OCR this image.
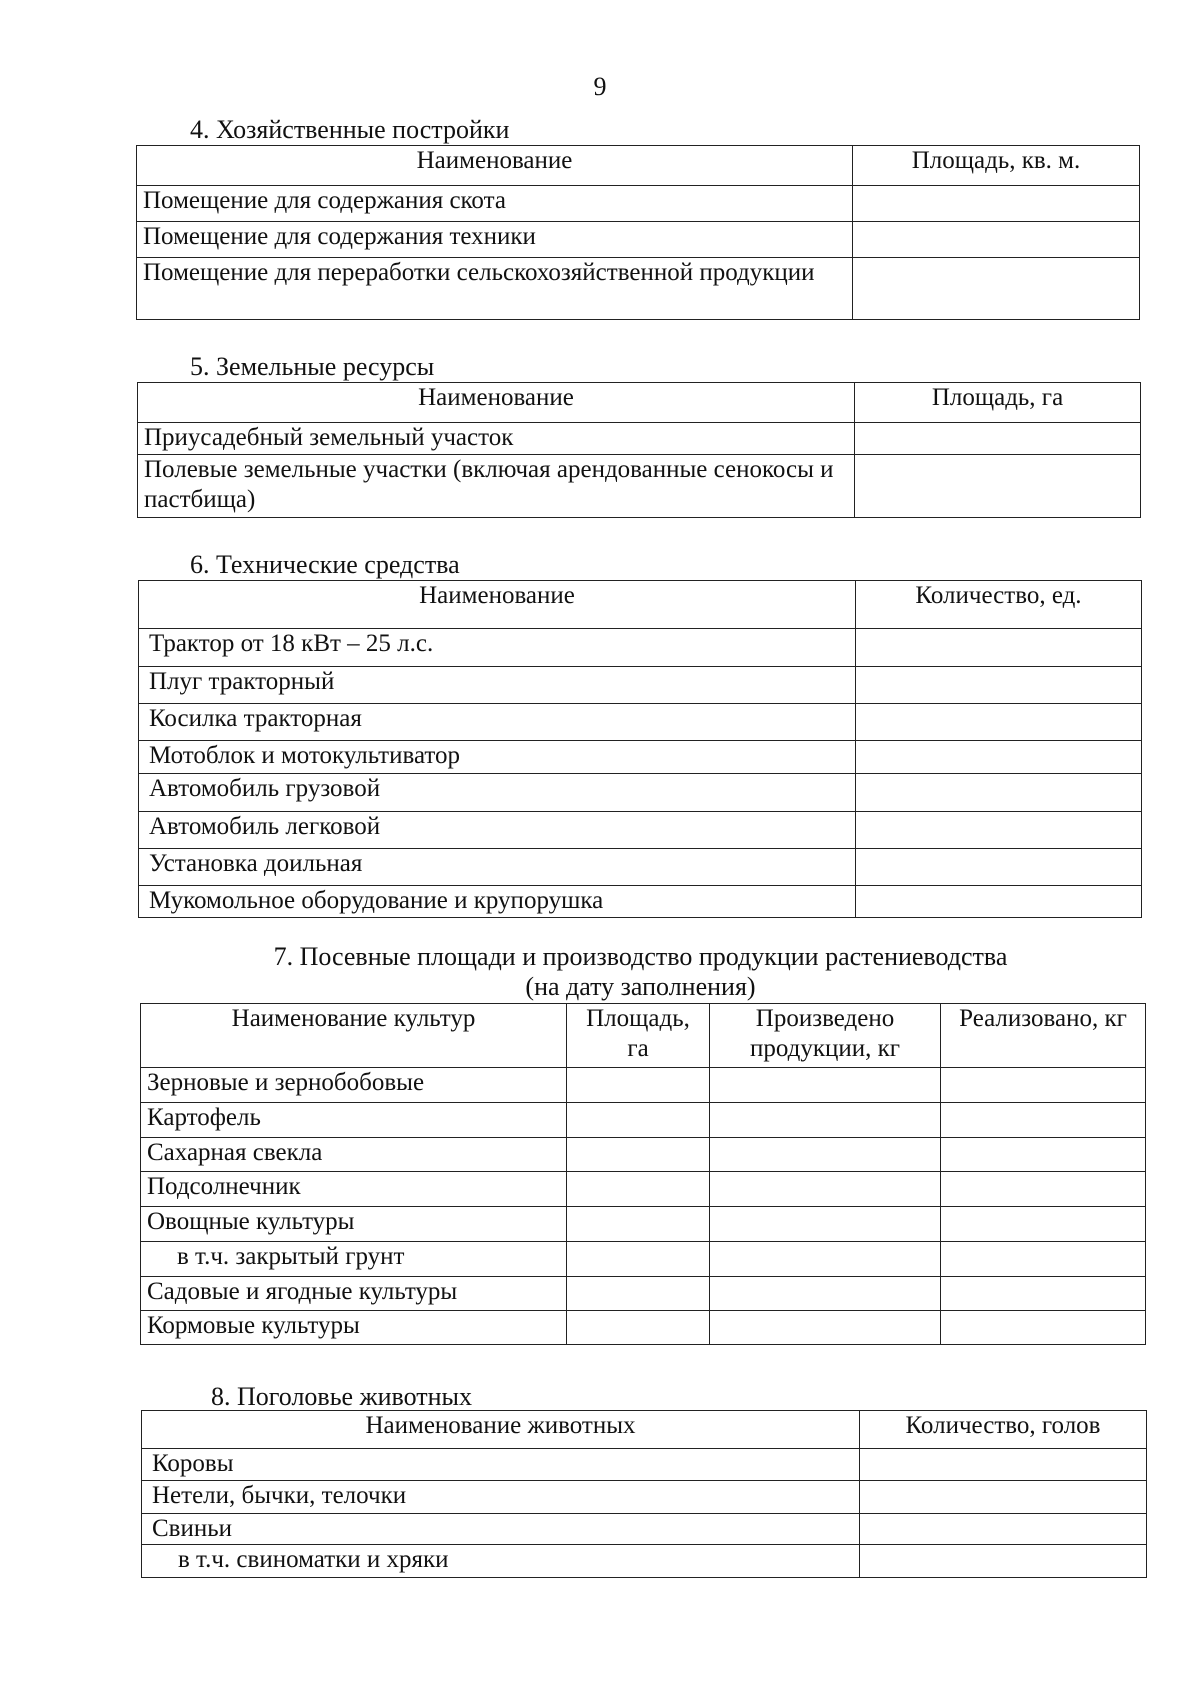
9
4. Хозяйственные постройки
Наименование	Площадь, кв. м.
Помещение для содержания скота	
Помещение для содержания техники	
Помещение для переработки сельскохозяйственной продукции	
5. Земельные ресурсы
Наименование	Площадь, га
Приусадебный земельный участок	
Полевые земельные участки (включая арендованные сенокосы и пастбища)	
6. Технические средства
Наименование	Количество, ед.
Трактор от 18 кВт – 25 л.с.	
Плуг тракторный	
Косилка тракторная	
Мотоблок и мотокультиватор	
Автомобиль грузовой	
Автомобиль легковой	
Установка доильная	
Мукомольное оборудование и крупорушка	
7. Посевные площади и производство продукции растениеводства
(на дату заполнения)
Наименование культур	Площадь, га	Произведено продукции, кг	Реализовано, кг
Зерновые и зернобобовые			
Картофель			
Сахарная свекла			
Подсолнечник			
Овощные культуры			
в т.ч. закрытый грунт			
Садовые и ягодные культуры			
Кормовые культуры			
8. Поголовье животных
Наименование животных	Количество, голов
Коровы	
Нетели, бычки, телочки	
Свиньи	
в т.ч. свиноматки и хряки	
